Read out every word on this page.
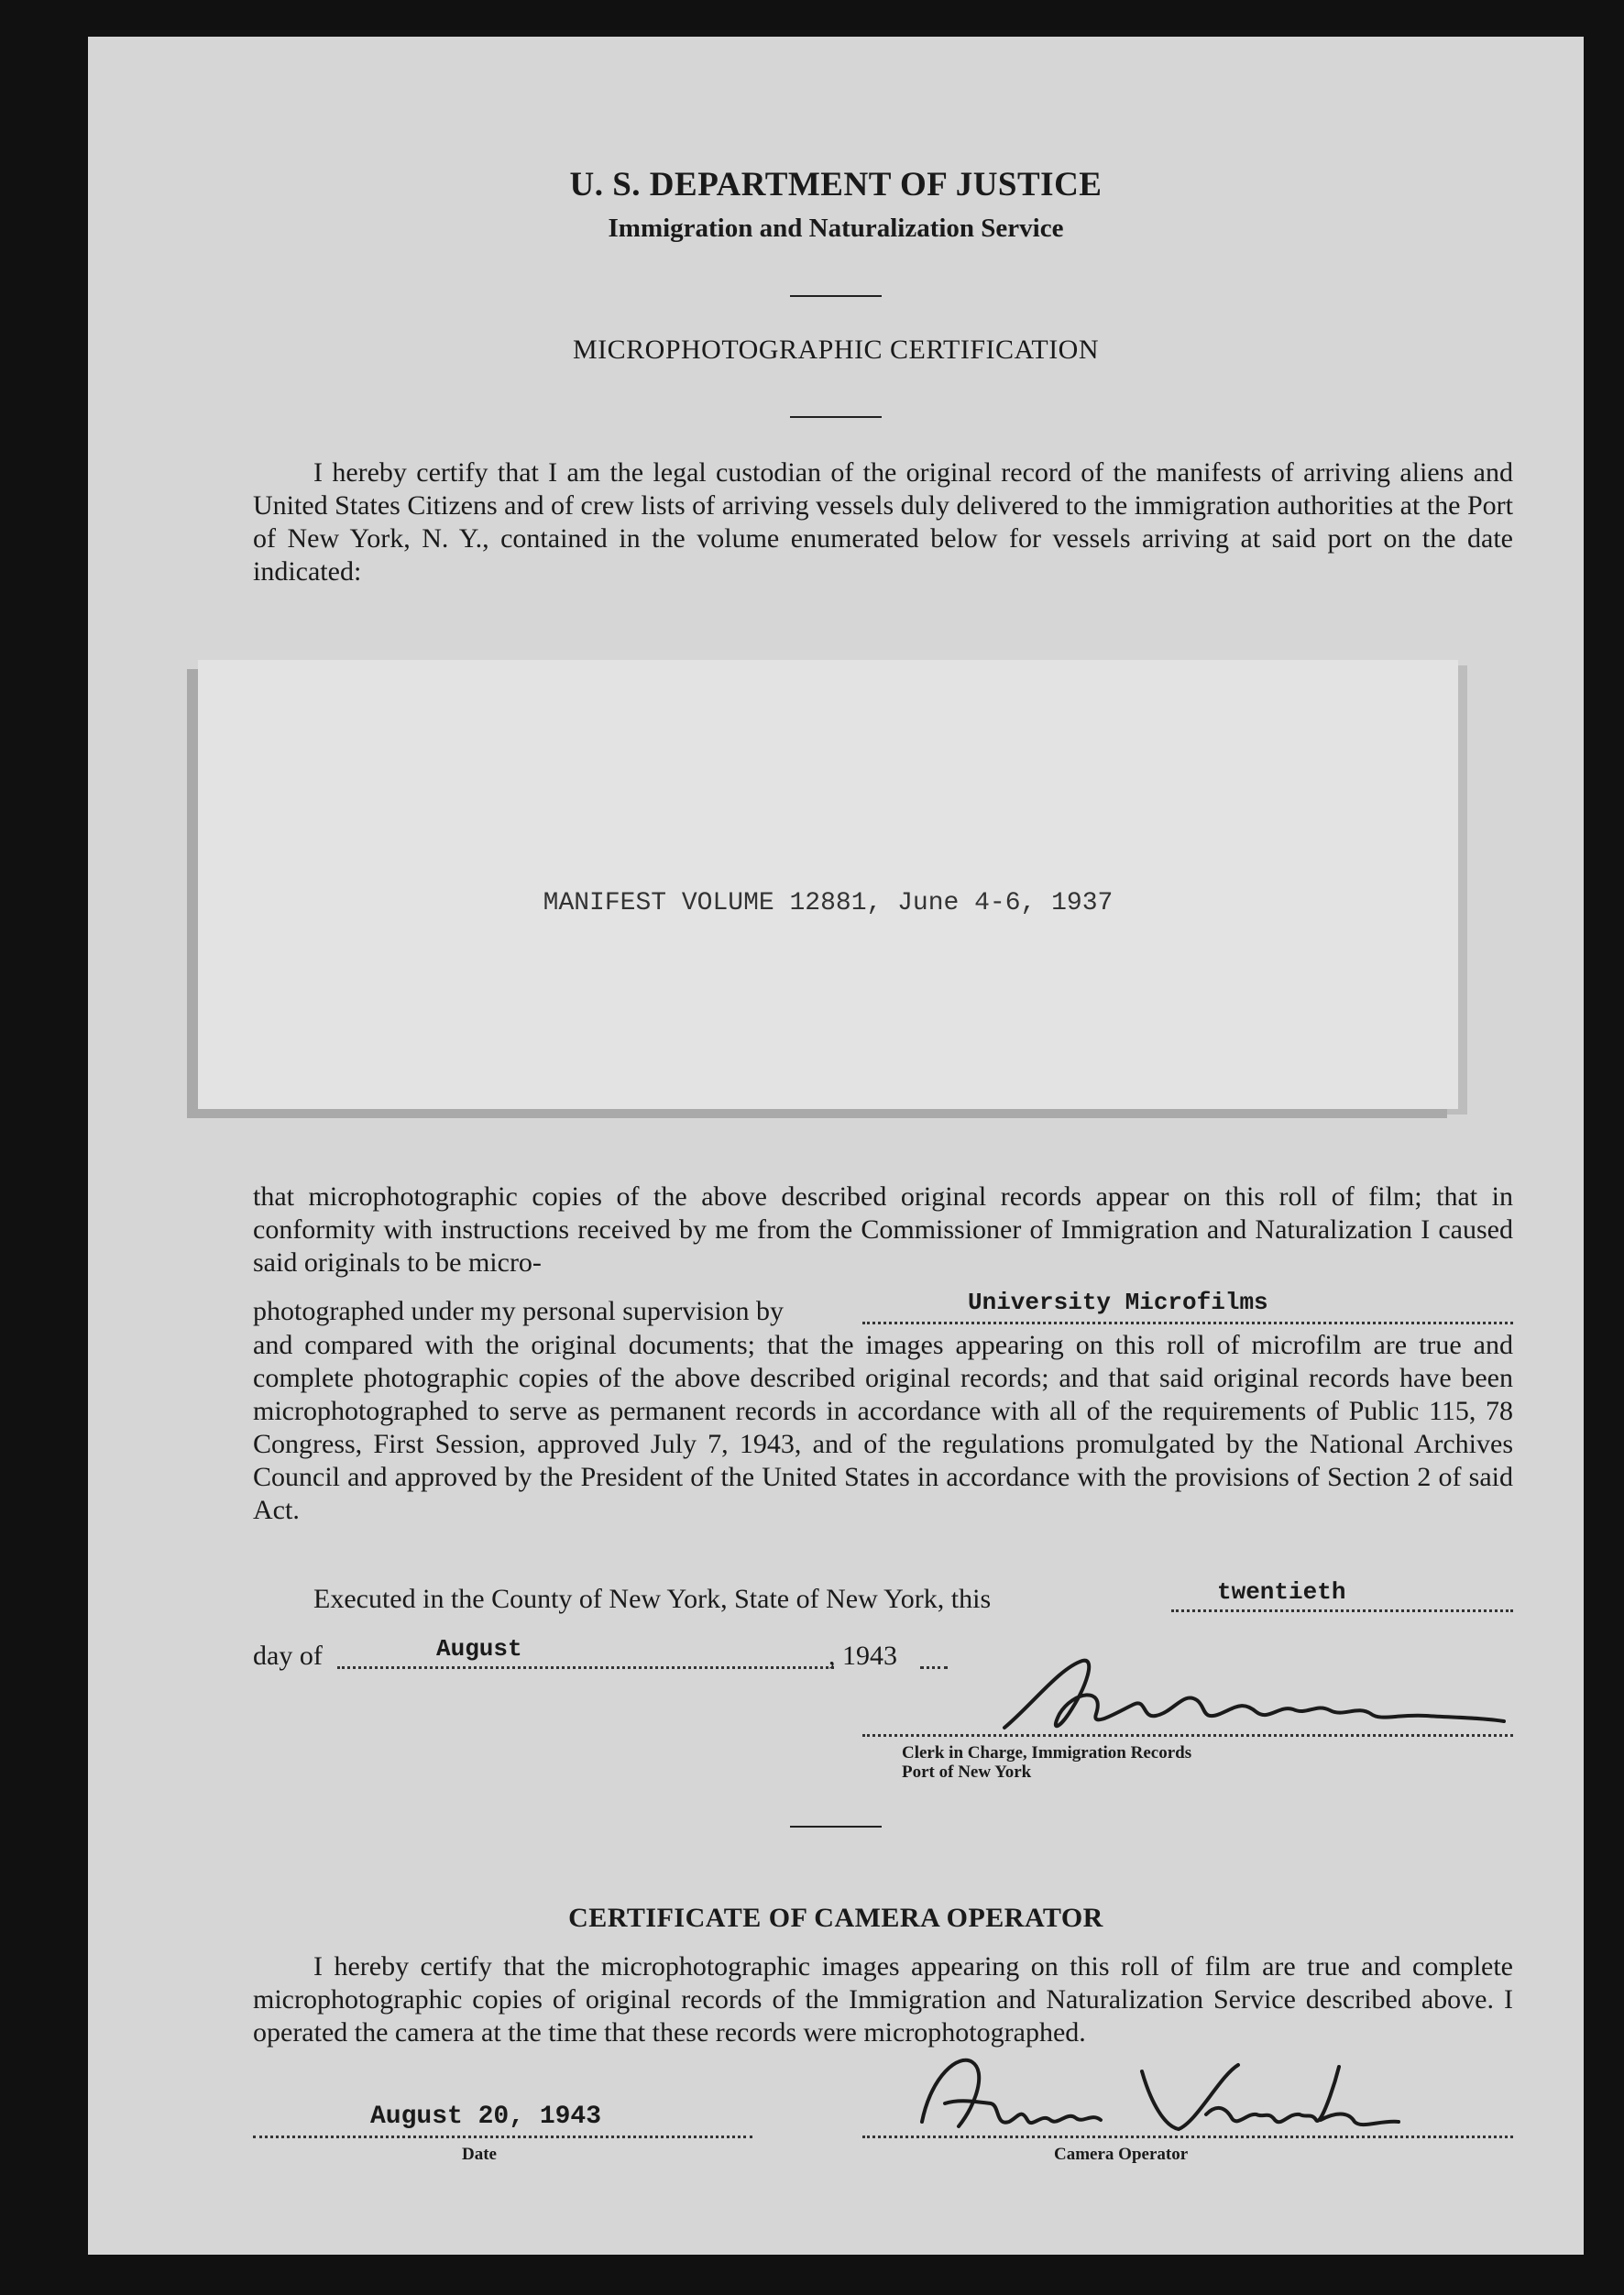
U. S. DEPARTMENT OF JUSTICE
Immigration and Naturalization Service
MICROPHOTOGRAPHIC CERTIFICATION
I hereby certify that I am the legal custodian of the original record of the manifests of arriving aliens and United States Citizens and of crew lists of arriving vessels duly delivered to the immigration authorities at the Port of New York, N. Y., contained in the volume enumerated below for vessels arriving at said port on the date indicated:
MANIFEST VOLUME 12881, June 4-6, 1937
that microphotographic copies of the above described original records appear on this roll of film; that in conformity with instructions received by me from the Commissioner of Immigration and Naturalization I caused said originals to be micro-
photographed under my personal supervision by	University Microfilms
and compared with the original documents; that the images appearing on this roll of microfilm are true and complete photographic copies of the above described original records; and that said original records have been microphotographed to serve as permanent records in accordance with all of the requirements of Public 115, 78 Congress, First Session, approved July 7, 1943, and of the regulations promulgated by the National Archives Council and approved by the President of the United States in accordance with the provisions of Section 2 of said Act.
Executed in the County of New York, State of New York, this	twentieth
day of	August	, 1943
Clerk in Charge, Immigration Records
Port of New York
CERTIFICATE OF CAMERA OPERATOR
I hereby certify that the microphotographic images appearing on this roll of film are true and complete microphotographic copies of original records of the Immigration and Naturalization Service described above. I operated the camera at the time that these records were microphotographed.
August 20, 1943
Date	Camera Operator
